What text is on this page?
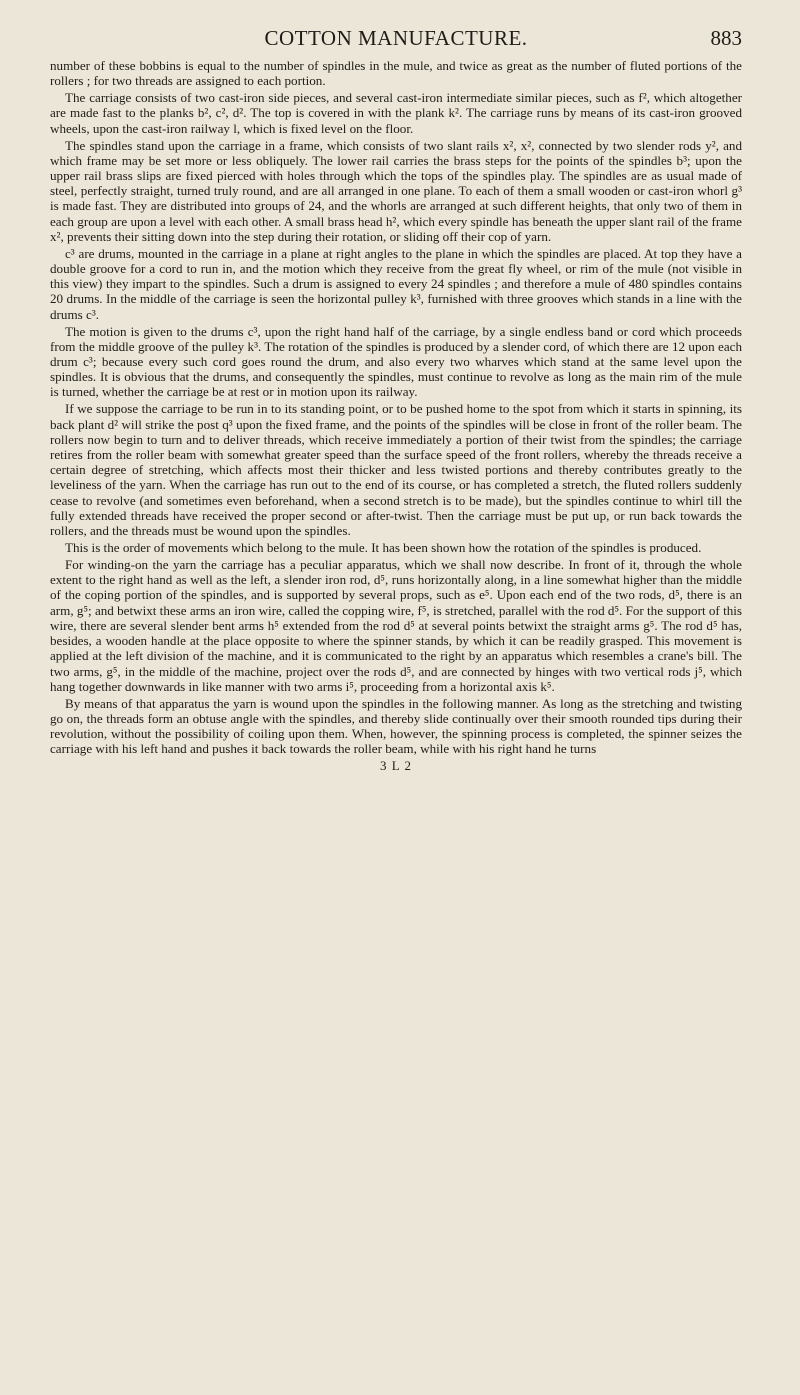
COTTON MANUFACTURE.	883

number of these bobbins is equal to the number of spindles in the mule, and twice as great as the number of fluted portions of the rollers ; for two threads are assigned to each portion.

The carriage consists of two cast-iron side pieces, and several cast-iron intermediate similar pieces, such as f², which altogether are made fast to the planks b², c², d². The top is covered in with the plank k². The carriage runs by means of its cast-iron grooved wheels, upon the cast-iron railway l, which is fixed level on the floor.

The spindles stand upon the carriage in a frame, which consists of two slant rails x², x², connected by two slender rods y², and which frame may be set more or less obliquely. The lower rail carries the brass steps for the points of the spindles b³; upon the upper rail brass slips are fixed pierced with holes through which the tops of the spindles play. The spindles are as usual made of steel, perfectly straight, turned truly round, and are all arranged in one plane. To each of them a small wooden or cast-iron whorl g³ is made fast. They are distributed into groups of 24, and the whorls are arranged at such different heights, that only two of them in each group are upon a level with each other. A small brass head h², which every spindle has beneath the upper slant rail of the frame x², prevents their sitting down into the step during their rotation, or sliding off their cop of yarn.

c³ are drums, mounted in the carriage in a plane at right angles to the plane in which the spindles are placed. At top they have a double groove for a cord to run in, and the motion which they receive from the great fly wheel, or rim of the mule (not visible in this view) they impart to the spindles. Such a drum is assigned to every 24 spindles ; and therefore a mule of 480 spindles contains 20 drums. In the middle of the carriage is seen the horizontal pulley k³, furnished with three grooves which stands in a line with the drums c³.

The motion is given to the drums c³, upon the right hand half of the carriage, by a single endless band or cord which proceeds from the middle groove of the pulley k³. The rotation of the spindles is produced by a slender cord, of which there are 12 upon each drum c³; because every such cord goes round the drum, and also every two wharves which stand at the same level upon the spindles. It is obvious that the drums, and consequently the spindles, must continue to revolve as long as the main rim of the mule is turned, whether the carriage be at rest or in motion upon its railway.

If we suppose the carriage to be run in to its standing point, or to be pushed home to the spot from which it starts in spinning, its back plant d² will strike the post q³ upon the fixed frame, and the points of the spindles will be close in front of the roller beam. The rollers now begin to turn and to deliver threads, which receive immediately a portion of their twist from the spindles; the carriage retires from the roller beam with somewhat greater speed than the surface speed of the front rollers, whereby the threads receive a certain degree of stretching, which affects most their thicker and less twisted portions and thereby contributes greatly to the leveliness of the yarn. When the carriage has run out to the end of its course, or has completed a stretch, the fluted rollers suddenly cease to revolve (and sometimes even beforehand, when a second stretch is to be made), but the spindles continue to whirl till the fully extended threads have received the proper second or after-twist. Then the carriage must be put up, or run back towards the rollers, and the threads must be wound upon the spindles.

This is the order of movements which belong to the mule. It has been shown how the rotation of the spindles is produced.

For winding-on the yarn the carriage has a peculiar apparatus, which we shall now describe. In front of it, through the whole extent to the right hand as well as the left, a slender iron rod, d⁵, runs horizontally along, in a line somewhat higher than the middle of the coping portion of the spindles, and is supported by several props, such as e⁵. Upon each end of the two rods, d⁵, there is an arm, g⁵; and betwixt these arms an iron wire, called the copping wire, f⁵, is stretched, parallel with the rod d⁵. For the support of this wire, there are several slender bent arms h⁵ extended from the rod d⁵ at several points betwixt the straight arms g⁵. The rod d⁵ has, besides, a wooden handle at the place opposite to where the spinner stands, by which it can be readily grasped. This movement is applied at the left division of the machine, and it is communicated to the right by an apparatus which resembles a crane's bill. The two arms, g⁵, in the middle of the machine, project over the rods d⁵, and are connected by hinges with two vertical rods j⁵, which hang together downwards in like manner with two arms i⁵, proceeding from a horizontal axis k⁵.

By means of that apparatus the yarn is wound upon the spindles in the following manner. As long as the stretching and twisting go on, the threads form an obtuse angle with the spindles, and thereby slide continually over their smooth rounded tips during their revolution, without the possibility of coiling upon them. When, however, the spinning process is completed, the spinner seizes the carriage with his left hand and pushes it back towards the roller beam, while with his right hand he turns

3 L 2
